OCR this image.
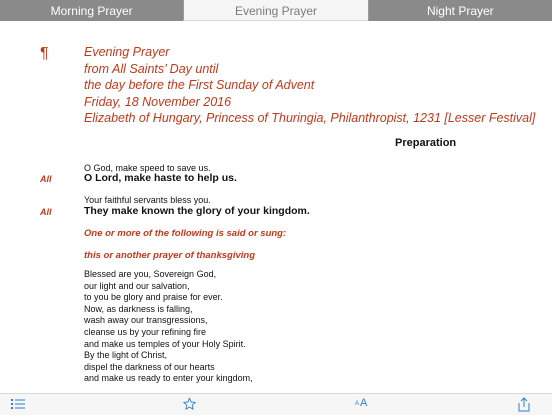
Morning Prayer	Evening Prayer	Night Prayer
¶	Evening Prayer
from All Saints’ Day until
the day before the First Sunday of Advent
Friday, 18 November 2016
Elizabeth of Hungary, Princess of Thuringia, Philanthropist, 1231 [Lesser Festival]
Preparation
O God, make speed to save us.
All	O Lord, make haste to help us.
Your faithful servants bless you.
All	They make known the glory of your kingdom.
One or more of the following is said or sung:
this or another prayer of thanksgiving
Blessed are you, Sovereign God,
our light and our salvation,
to you be glory and praise for ever.
Now, as darkness is falling,
wash away our transgressions,
cleanse us by your refining fire
and make us temples of your Holy Spirit.
By the light of Christ,
dispel the darkness of our hearts
and make us ready to enter your kingdom,
A A
